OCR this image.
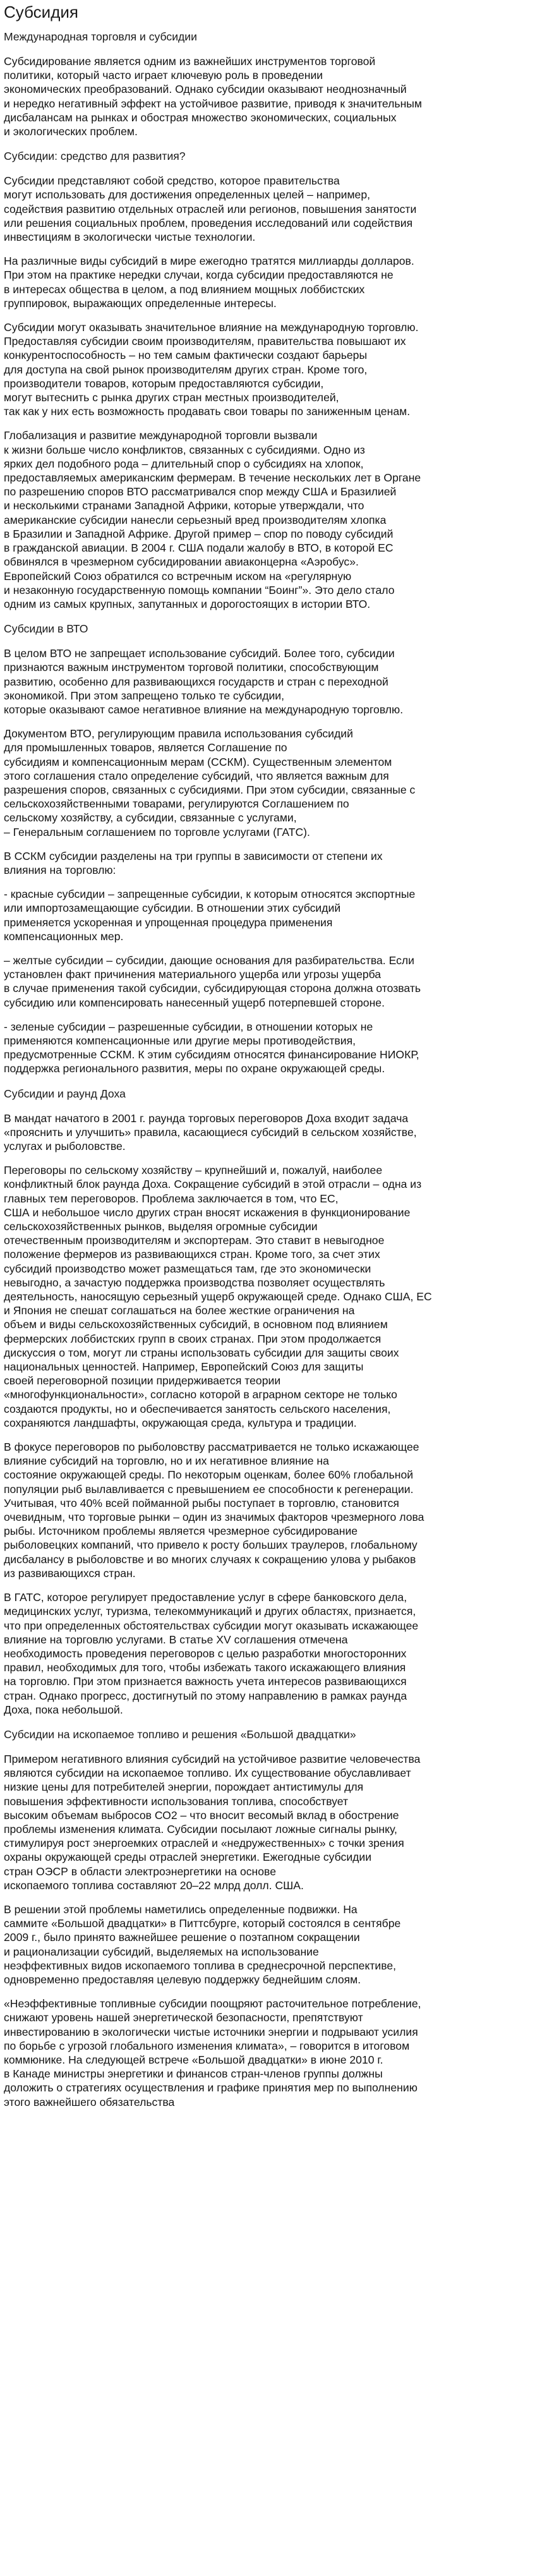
Субсидия
Международная торговля и субсидии

Субсидирование является одним из важнейших инструментов торговой
политики, который часто играет ключевую роль в проведении
экономических преобразований. Однако субсидии оказывают неоднозначный
и нередко негативный эффект на устойчивое развитие, приводя к значительным
дисбалансам на рынках и обострая множество экономических, социальных
и экологических проблем.

Субсидии: средство для развития?

Субсидии представляют собой средство, которое правительства
могут использовать для достижения определенных целей – например,
содействия развитию отдельных отраслей или регионов, повышения занятости
или решения социальных проблем, проведения исследований или содействия
инвестициям в экологически чистые технологии.

На различные виды субсидий в мире ежегодно тратятся миллиарды долларов.
При этом на практике нередки случаи, когда субсидии предоставляются не
в интересах общества в целом, а под влиянием мощных лоббистских
группировок, выражающих определенные интересы.

Субсидии могут оказывать значительное влияние на международную торговлю.
Предоставляя субсидии своим производителям, правительства повышают их
конкурентоспособность – но тем самым фактически создают барьеры
для доступа на свой рынок производителям других стран. Кроме того,
производители товаров, которым предоставляются субсидии,
могут вытеснить с рынка других стран местных производителей,
так как у них есть возможность продавать свои товары по заниженным ценам.

Глобализация и развитие международной торговли вызвали
к жизни больше число конфликтов, связанных с субсидиями. Одно из
ярких дел подобного рода – длительный спор о субсидиях на хлопок,
предоставляемых американским фермерам. В течение нескольких лет в Органе
по разрешению споров ВТО рассматривался спор между США и Бразилией
и несколькими странами Западной Африки, которые утверждали, что
американские субсидии нанесли серьезный вред производителям хлопка
в Бразилии и Западной Африке. Другой пример – спор по поводу субсидий
в гражданской авиации. В 2004 г. США подали жалобу в ВТО, в которой ЕС
обвинялся в чрезмерном субсидировании авиаконцерна «Аэробус».
Европейский Союз обратился со встречным иском на «регулярную
и незаконную государственную помощь компании “Боинг”». Это дело стало
одним из самых крупных, запутанных и дорогостоящих в истории ВТО.

Субсидии в ВТО

В целом ВТО не запрещает использование субсидий. Более того, субсидии
признаются важным инструментом торговой политики, способствующим
развитию, особенно для развивающихся государств и стран с переходной
экономикой. При этом запрещено только те субсидии,
которые оказывают самое негативное влияние на международную торговлю.

Документом ВТО, регулирующим правила использования субсидий
для промышленных товаров, является Соглашение по
субсидиям и компенсационным мерам (ССКМ). Существенным элементом
этого соглашения стало определение субсидий, что является важным для
разрешения споров, связанных с субсидиями. При этом субсидии, связанные с
сельскохозяйственными товарами, регулируются Соглашением по
сельскому хозяйству, а субсидии, связанные с услугами,
– Генеральным соглашением по торговле услугами (ГАТС).

В ССКМ субсидии разделены на три группы в зависимости от степени их
влияния на торговлю:

- красные субсидии – запрещенные субсидии, к которым относятся экспортные
или импортозамещающие субсидии. В отношении этих субсидий
применяется ускоренная и упрощенная процедура применения
компенсационных мер.

– желтые субсидии – субсидии, дающие основания для разбирательства. Если
установлен факт причинения материального ущерба или угрозы ущерба
в случае применения такой субсидии, субсидирующая сторона должна отозвать
субсидию или компенсировать нанесенный ущерб потерпевшей стороне.

- зеленые субсидии – разрешенные субсидии, в отношении которых не
применяются компенсационные или другие меры противодействия,
предусмотренные ССКМ. К этим субсидиям относятся финансирование НИОКР,
поддержка регионального развития, меры по охране окружающей среды.

Субсидии и раунд Доха

В мандат начатого в 2001 г. раунда торговых переговоров Доха входит задача
«прояснить и улучшить» правила, касающиеся субсидий в сельском хозяйстве,
услугах и рыболовстве.

Переговоры по сельскому хозяйству – крупнейший и, пожалуй, наиболее
конфликтный блок раунда Доха. Сокращение субсидий в этой отрасли – одна из
главных тем переговоров. Проблема заключается в том, что ЕС,
США и небольшое число других стран вносят искажения в функционирование
сельскохозяйственных рынков, выделяя огромные субсидии
отечественным производителям и экспортерам. Это ставит в невыгодное
положение фермеров из развивающихся стран. Кроме того, за счет этих
субсидий производство может размещаться там, где это экономически
невыгодно, а зачастую поддержка производства позволяет осуществлять
деятельность, наносящую серьезный ущерб окружающей среде. Однако США, ЕС
и Япония не спешат соглашаться на более жесткие ограничения на
объем и виды сельскохозяйственных субсидий, в основном под влиянием
фермерских лоббистских групп в своих странах. При этом продолжается
дискуссия о том, могут ли страны использовать субсидии для защиты своих
национальных ценностей. Например, Европейский Союз для защиты
своей переговорной позиции придерживается теории
«многофункциональности», согласно которой в аграрном секторе не только
создаются продукты, но и обеспечивается занятость сельского населения,
сохраняются ландшафты, окружающая среда, культура и традиции.

В фокусе переговоров по рыболовству рассматривается не только искажающее
влияние субсидий на торговлю, но и их негативное влияние на
состояние окружающей среды. По некоторым оценкам, более 60% глобальной
популяции рыб вылавливается с превышением ее способности к регенерации.
Учитывая, что 40% всей пойманной рыбы поступает в торговлю, становится
очевидным, что торговые рынки – один из значимых факторов чрезмерного лова
рыбы. Источником проблемы является чрезмерное субсидирование
рыболовецких компаний, что привело к росту больших траулеров, глобальному
дисбалансу в рыболовстве и во многих случаях к сокращению улова у рыбаков
из развивающихся стран.

В ГАТС, которое регулирует предоставление услуг в сфере банковского дела,
медицинских услуг, туризма, телекоммуникаций и других областях, признается,
что при определенных обстоятельствах субсидии могут оказывать искажающее
влияние на торговлю услугами. В статье XV соглашения отмечена
необходимость проведения переговоров с целью разработки многосторонних
правил, необходимых для того, чтобы избежать такого искажающего влияния
на торговлю. При этом признается важность учета интересов развивающихся
стран. Однако прогресс, достигнутый по этому направлению в рамках раунда
Доха, пока небольшой.

Субсидии на ископаемое топливо и решения «Большой двадцатки»

Примером негативного влияния субсидий на устойчивое развитие человечества
являются субсидии на ископаемое топливо. Их существование обуславливает
низкие цены для потребителей энергии, порождает антистимулы для
повышения эффективности использования топлива, способствует
высоким объемам выбросов СО2 – что вносит весомый вклад в обострение
проблемы изменения климата. Субсидии посылают ложные сигналы рынку,
стимулируя рост энергоемких отраслей и «недружественных» с точки зрения
охраны окружающей среды отраслей энергетики. Ежегодные субсидии
стран ОЭСР в области электроэнергетики на основе
ископаемого топлива составляют 20–22 млрд долл. США.

В решении этой проблемы наметились определенные подвижки. На
саммите «Большой двадцатки» в Питтсбурге, который состоялся в сентябре
2009 г., было принято важнейшее решение о поэтапном сокращении
и рационализации субсидий, выделяемых на использование
неэффективных видов ископаемого топлива в среднесрочной перспективе,
одновременно предоставляя целевую поддержку беднейшим слоям.

«Неэффективные топливные субсидии поощряют расточительное потребление,
снижают уровень нашей энергетической безопасности, препятствуют
инвестированию в экологически чистые источники энергии и подрывают усилия
по борьбе с угрозой глобального изменения климата», – говорится в итоговом
коммюнике. На следующей встрече «Большой двадцатки» в июне 2010 г.
в Канаде министры энергетики и финансов стран-членов группы должны
доложить о стратегиях осуществления и графике принятия мер по выполнению
этого важнейшего обязательства
